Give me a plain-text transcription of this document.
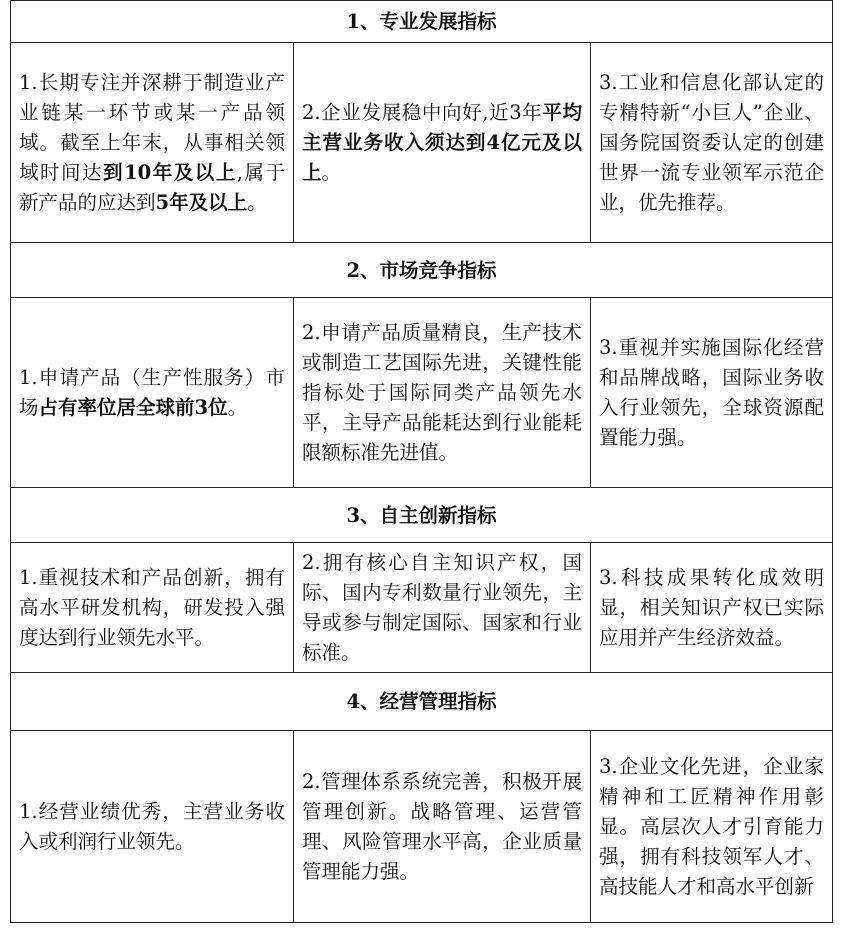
1、专业发展指标		
1.长期专注并深耕于制造业产业链某一环节或某一产品领域。截至上年末，从事相关领域时间达到10年及以上,属于新产品的应达到5年及以上。	2.企业发展稳中向好,近3年平均主营业务收入须达到4亿元及以上。	3.工业和信息化部认定的专精特新“小巨人”企业、国务院国资委认定的创建世界一流专业领军示范企业，优先推荐。
2、市场竞争指标		
1.申请产品（生产性服务）市场占有率位居全球前3位。	2.申请产品质量精良，生产技术或制造工艺国际先进，关键性能指标处于国际同类产品领先水平，主导产品能耗达到行业能耗限额标准先进值。	3.重视并实施国际化经营和品牌战略，国际业务收入行业领先，全球资源配置能力强。
3、自主创新指标		
1.重视技术和产品创新，拥有高水平研发机构，研发投入强度达到行业领先水平。	2.拥有核心自主知识产权，国际、国内专利数量行业领先，主导或参与制定国际、国家和行业标准。	3.科技成果转化成效明显，相关知识产权已实际应用并产生经济效益。
4、经营管理指标		
1.经营业绩优秀，主营业务收入或利润行业领先。	2.管理体系系统完善，积极开展管理创新。战略管理、运营管理、风险管理水平高，企业质量管理能力强。	3.企业文化先进，企业家精神和工匠精神作用彰显。高层次人才引育能力强，拥有科技领军人才、高技能人才和高水平创新
